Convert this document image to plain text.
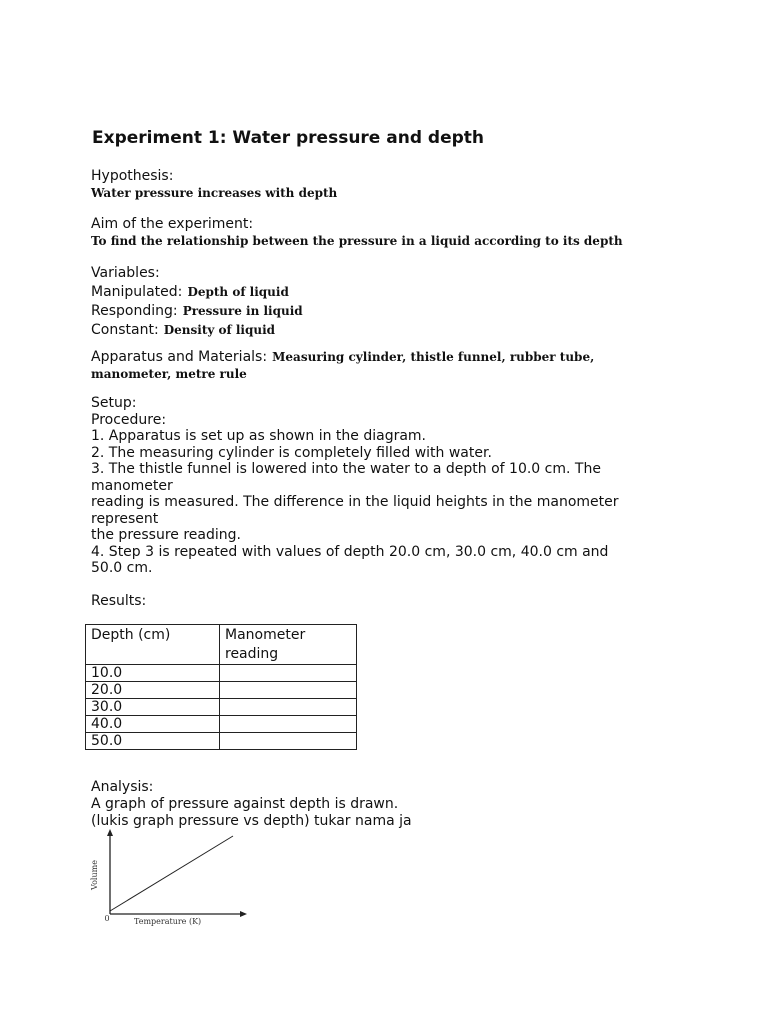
Experiment 1: Water pressure and depth
Hypothesis:
Water pressure increases with depth
Aim of the experiment:
To find the relationship between the pressure in a liquid according to its depth
Variables:
Manipulated: Depth of liquid
Responding: Pressure in liquid
Constant: Density of liquid
Apparatus and Materials: Measuring cylinder, thistle funnel, rubber tube,
manometer, metre rule
Setup:
Procedure:
1. Apparatus is set up as shown in the diagram.
2. The measuring cylinder is completely filled with water.
3. The thistle funnel is lowered into the water to a depth of 10.0 cm. The
manometer
reading is measured. The difference in the liquid heights in the manometer
represent
the pressure reading.
4. Step 3 is repeated with values of depth 20.0 cm, 30.0 cm, 40.0 cm and
50.0 cm.
Results:
Depth (cm)	Manometer
reading

10.0	
20.0	
30.0	
40.0	
50.0	
Analysis:
A graph of pressure against depth is drawn.
(lukis graph pressure vs depth) tukar nama ja
Volume
Temperature (K)
0
